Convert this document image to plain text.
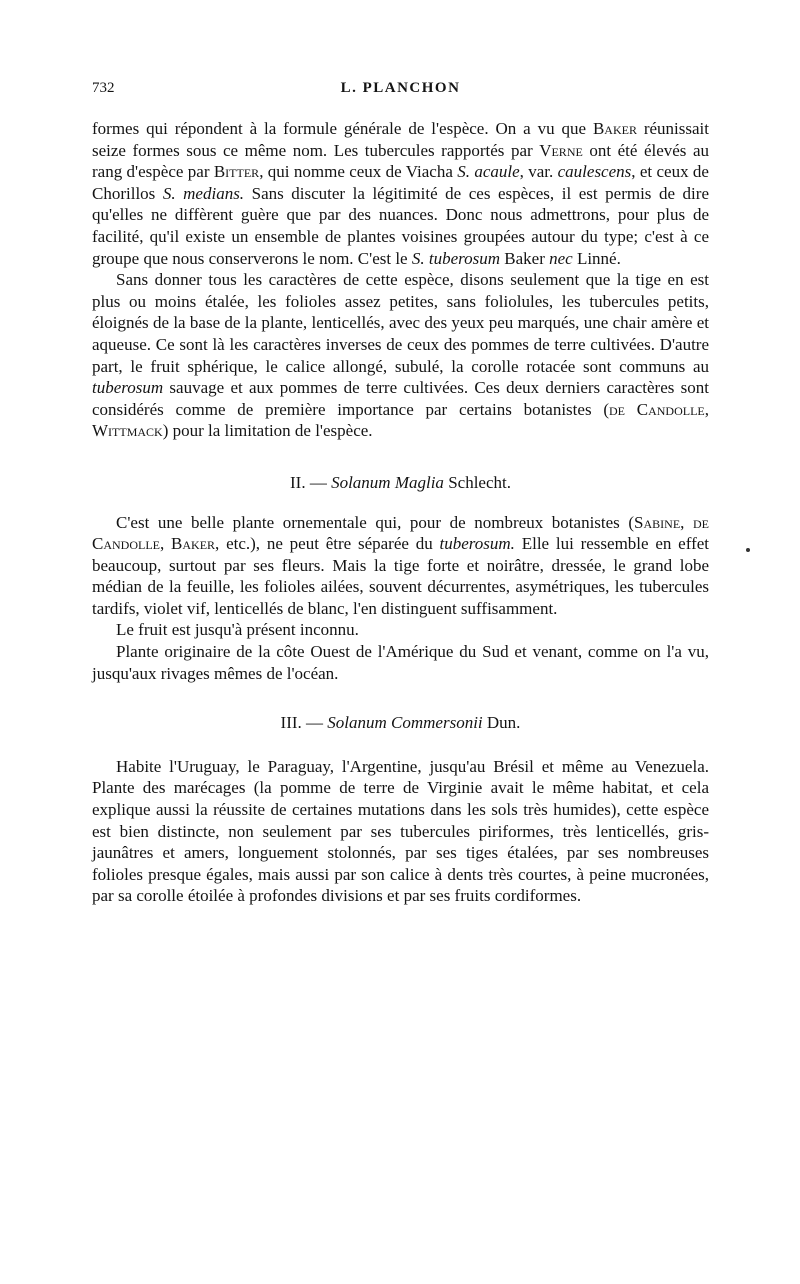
732	L. PLANCHON

formes qui répondent à la formule générale de l'espèce. On a vu que Baker réunissait seize formes sous ce même nom. Les tubercules rapportés par Verne ont été élevés au rang d'espèce par Bitter, qui nomme ceux de Viacha S. acaule, var. caulescens, et ceux de Chorillos S. medians. Sans discuter la légitimité de ces espèces, il est permis de dire qu'elles ne diffèrent guère que par des nuances. Donc nous admettrons, pour plus de facilité, qu'il existe un ensemble de plantes voisines groupées autour du type; c'est à ce groupe que nous conserverons le nom. C'est le S. tuberosum Baker nec Linné.

Sans donner tous les caractères de cette espèce, disons seulement que la tige en est plus ou moins étalée, les folioles assez petites, sans foliolules, les tubercules petits, éloignés de la base de la plante, lenticellés, avec des yeux peu marqués, une chair amère et aqueuse. Ce sont là les caractères inverses de ceux des pommes de terre cultivées. D'autre part, le fruit sphérique, le calice allongé, subulé, la corolle rotacée sont communs au tuberosum sauvage et aux pommes de terre cultivées. Ces deux derniers caractères sont considérés comme de première importance par certains botanistes (de Candolle, Wittmack) pour la limitation de l'espèce.

II. — Solanum Maglia Schlecht.

C'est une belle plante ornementale qui, pour de nombreux botanistes (Sabine, de Candolle, Baker, etc.), ne peut être séparée du tuberosum. Elle lui ressemble en effet beaucoup, surtout par ses fleurs. Mais la tige forte et noirâtre, dressée, le grand lobe médian de la feuille, les folioles ailées, souvent décurrentes, asymétriques, les tubercules tardifs, violet vif, lenticellés de blanc, l'en distinguent suffisamment.

Le fruit est jusqu'à présent inconnu.

Plante originaire de la côte Ouest de l'Amérique du Sud et venant, comme on l'a vu, jusqu'aux rivages mêmes de l'océan.

III. — Solanum Commersonii Dun.

Habite l'Uruguay, le Paraguay, l'Argentine, jusqu'au Brésil et même au Venezuela. Plante des marécages (la pomme de terre de Virginie avait le même habitat, et cela explique aussi la réussite de certaines mutations dans les sols très humides), cette espèce est bien distincte, non seulement par ses tubercules piriformes, très lenticellés, gris-jaunâtres et amers, longuement stolonnés, par ses tiges étalées, par ses nombreuses folioles presque égales, mais aussi par son calice à dents très courtes, à peine mucronées, par sa corolle étoilée à profondes divisions et par ses fruits cordiformes.
